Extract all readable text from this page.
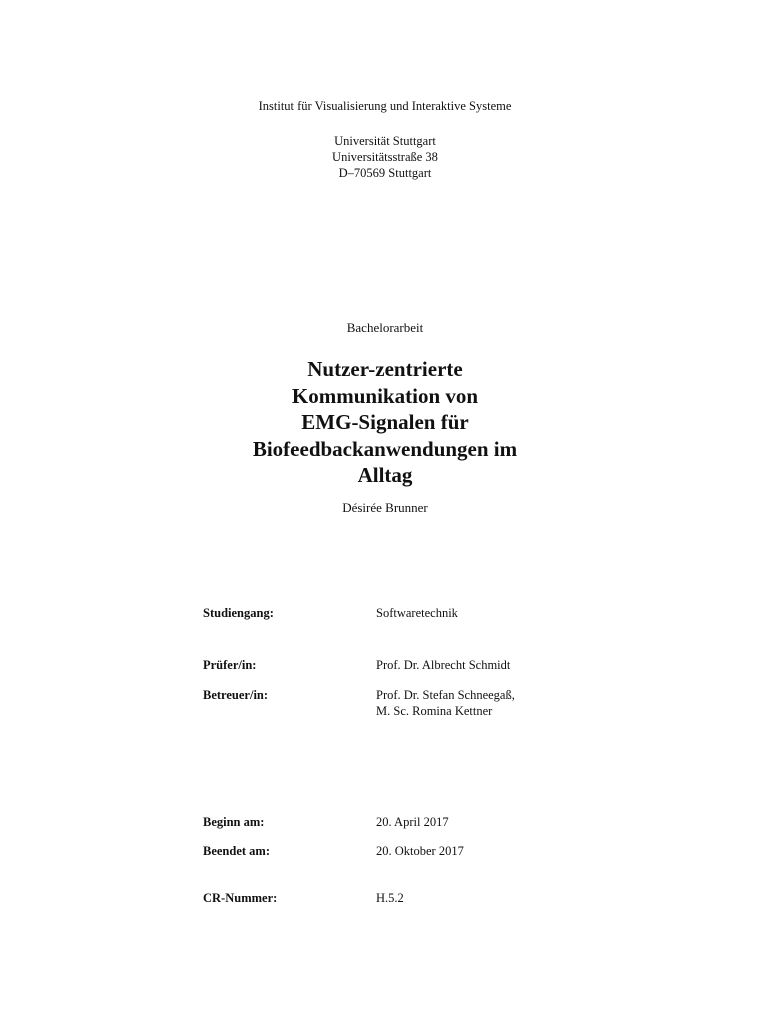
Institut für Visualisierung und Interaktive Systeme
Universität Stuttgart
Universitätsstraße 38
D–70569 Stuttgart
Bachelorarbeit
Nutzer-zentrierte
Kommunikation von
EMG-Signalen für
Biofeedbackanwendungen im
Alltag
Désirée Brunner
Studiengang:	Softwaretechnik
Prüfer/in:	Prof. Dr. Albrecht Schmidt
Betreuer/in:	Prof. Dr. Stefan Schneegaß,
M. Sc. Romina Kettner
Beginn am:	20. April 2017
Beendet am:	20. Oktober 2017
CR-Nummer:	H.5.2
